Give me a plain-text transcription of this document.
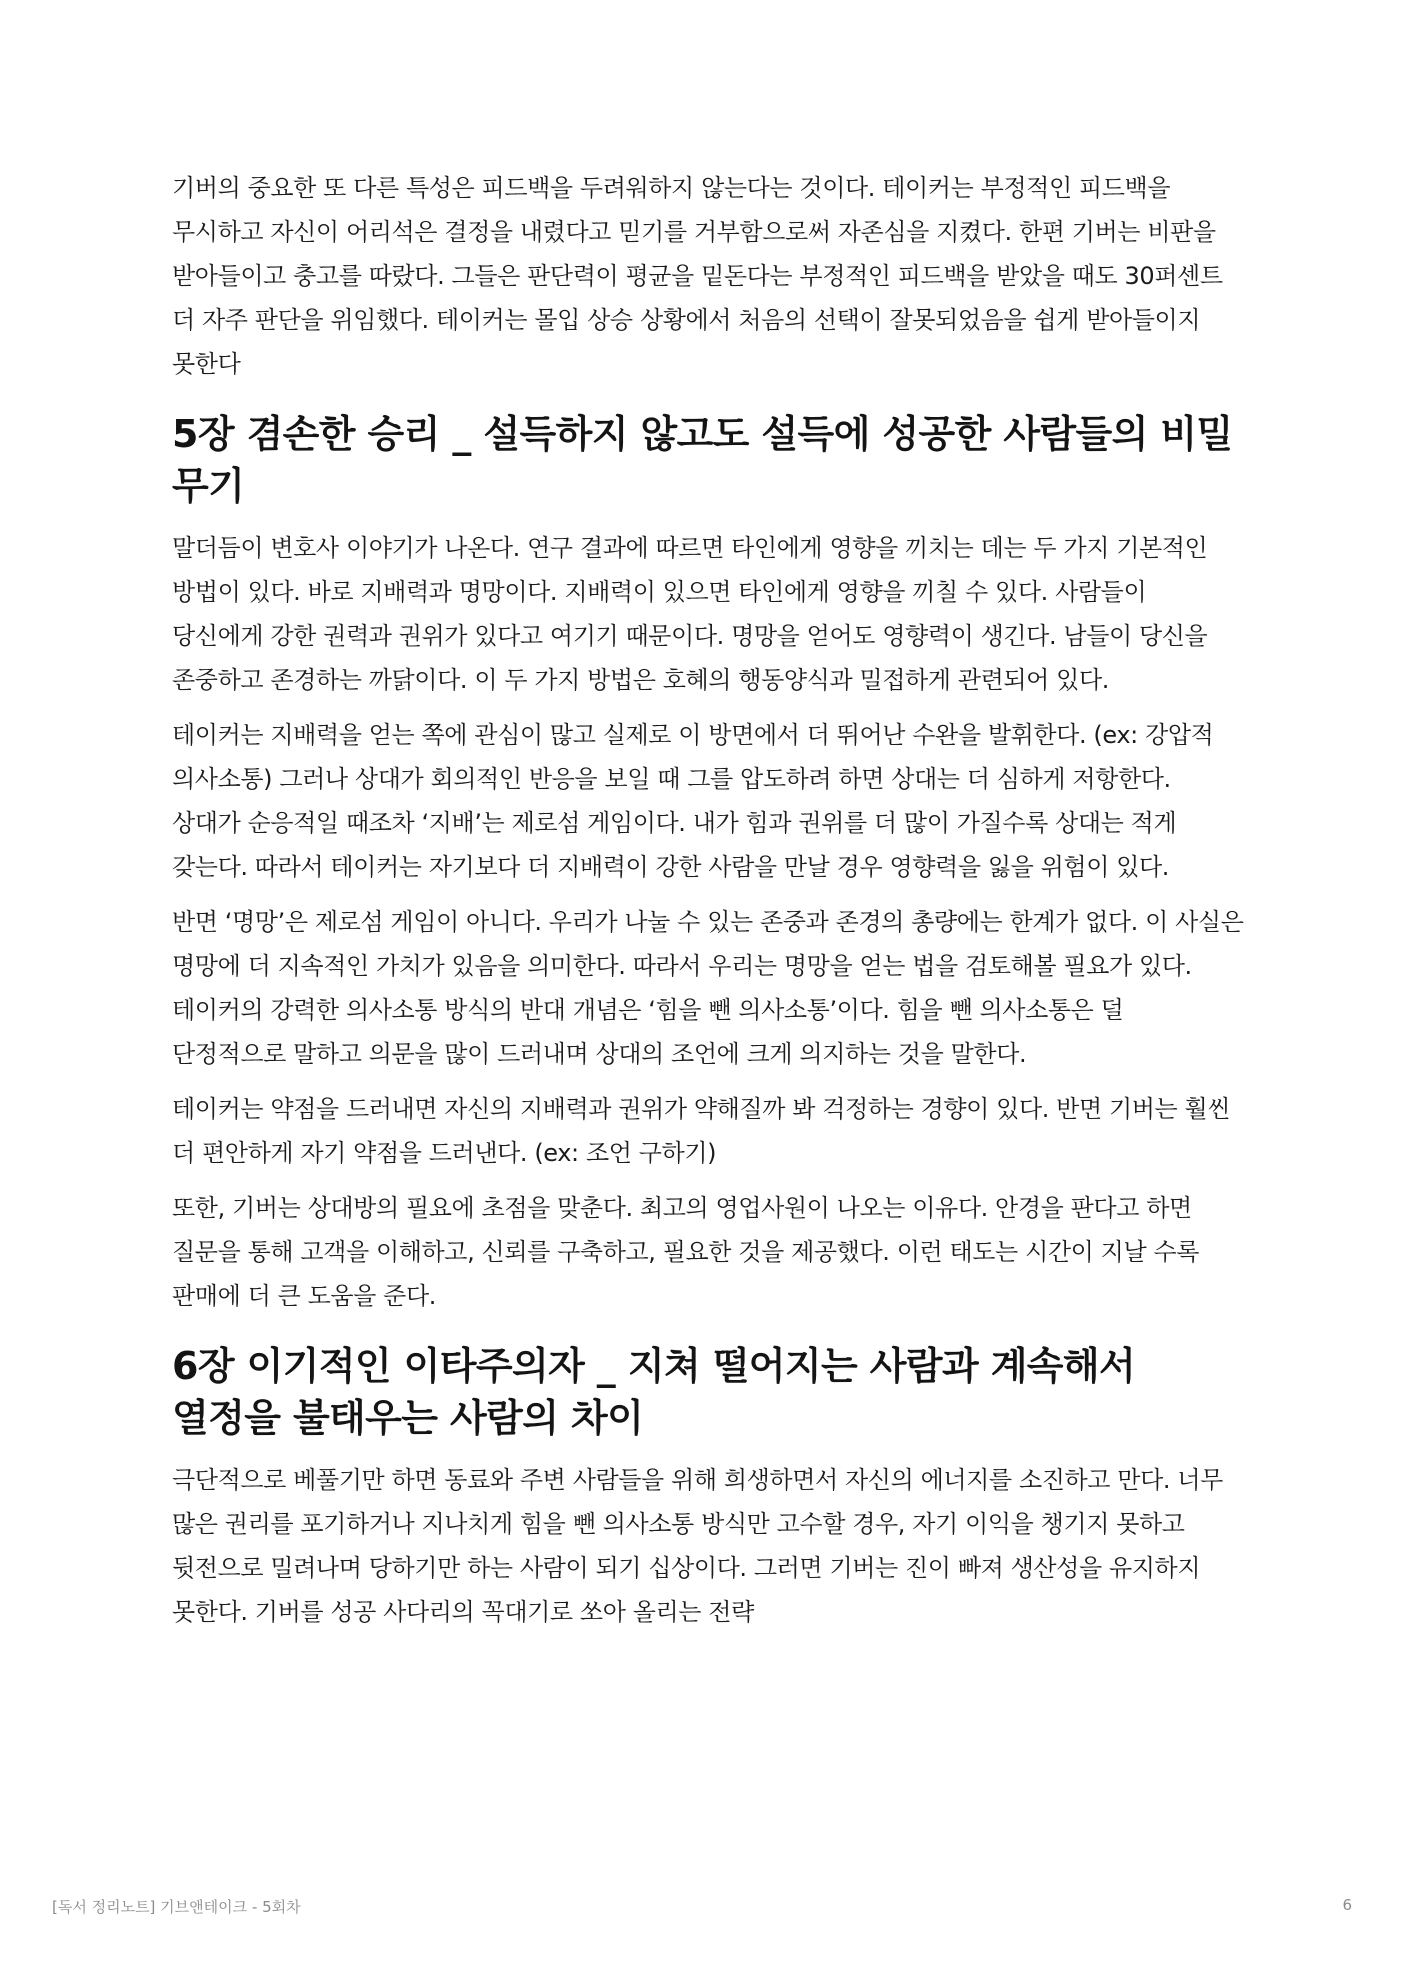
기버의 중요한 또 다른 특성은 피드백을 두려워하지 않는다는 것이다. 테이커는 부정적인 피드백을 무시하고 자신이 어리석은 결정을 내렸다고 믿기를 거부함으로써 자존심을 지켰다. 한편 기버는 비판을 받아들이고 충고를 따랐다. 그들은 판단력이 평균을 밑돈다는 부정적인 피드백을 받았을 때도 30퍼센트 더 자주 판단을 위임했다. 테이커는 몰입 상승 상황에서 처음의 선택이 잘못되었음을 쉽게 받아들이지 못한다

5장 겸손한 승리 _ 설득하지 않고도 설득에 성공한 사람들의 비밀 무기

말더듬이 변호사 이야기가 나온다. 연구 결과에 따르면 타인에게 영향을 끼치는 데는 두 가지 기본적인 방법이 있다. 바로 지배력과 명망이다. 지배력이 있으면 타인에게 영향을 끼칠 수 있다. 사람들이 당신에게 강한 권력과 권위가 있다고 여기기 때문이다. 명망을 얻어도 영향력이 생긴다. 남들이 당신을 존중하고 존경하는 까닭이다. 이 두 가지 방법은 호혜의 행동양식과 밀접하게 관련되어 있다.

테이커는 지배력을 얻는 쪽에 관심이 많고 실제로 이 방면에서 더 뛰어난 수완을 발휘한다. (ex: 강압적 의사소통) 그러나 상대가 회의적인 반응을 보일 때 그를 압도하려 하면 상대는 더 심하게 저항한다. 상대가 순응적일 때조차 ‘지배’는 제로섬 게임이다. 내가 힘과 권위를 더 많이 가질수록 상대는 적게 갖는다. 따라서 테이커는 자기보다 더 지배력이 강한 사람을 만날 경우 영향력을 잃을 위험이 있다.

반면 ‘명망’은 제로섬 게임이 아니다. 우리가 나눌 수 있는 존중과 존경의 총량에는 한계가 없다. 이 사실은 명망에 더 지속적인 가치가 있음을 의미한다. 따라서 우리는 명망을 얻는 법을 검토해볼 필요가 있다. 테이커의 강력한 의사소통 방식의 반대 개념은 ‘힘을 뺀 의사소통’이다. 힘을 뺀 의사소통은 덜 단정적으로 말하고 의문을 많이 드러내며 상대의 조언에 크게 의지하는 것을 말한다.

테이커는 약점을 드러내면 자신의 지배력과 권위가 약해질까 봐 걱정하는 경향이 있다. 반면 기버는 훨씬 더 편안하게 자기 약점을 드러낸다. (ex: 조언 구하기)

또한, 기버는 상대방의 필요에 초점을 맞춘다. 최고의 영업사원이 나오는 이유다. 안경을 판다고 하면 질문을 통해 고객을 이해하고, 신뢰를 구축하고, 필요한 것을 제공했다. 이런 태도는 시간이 지날 수록 판매에 더 큰 도움을 준다.

6장 이기적인 이타주의자 _ 지쳐 떨어지는 사람과 계속해서 열정을 불태우는 사람의 차이

극단적으로 베풀기만 하면 동료와 주변 사람들을 위해 희생하면서 자신의 에너지를 소진하고 만다. 너무 많은 권리를 포기하거나 지나치게 힘을 뺀 의사소통 방식만 고수할 경우, 자기 이익을 챙기지 못하고 뒷전으로 밀려나며 당하기만 하는 사람이 되기 십상이다. 그러면 기버는 진이 빠져 생산성을 유지하지 못한다. 기버를 성공 사다리의 꼭대기로 쏘아 올리는 전략

[독서 정리노트] 기브앤테이크 - 5회차	6
